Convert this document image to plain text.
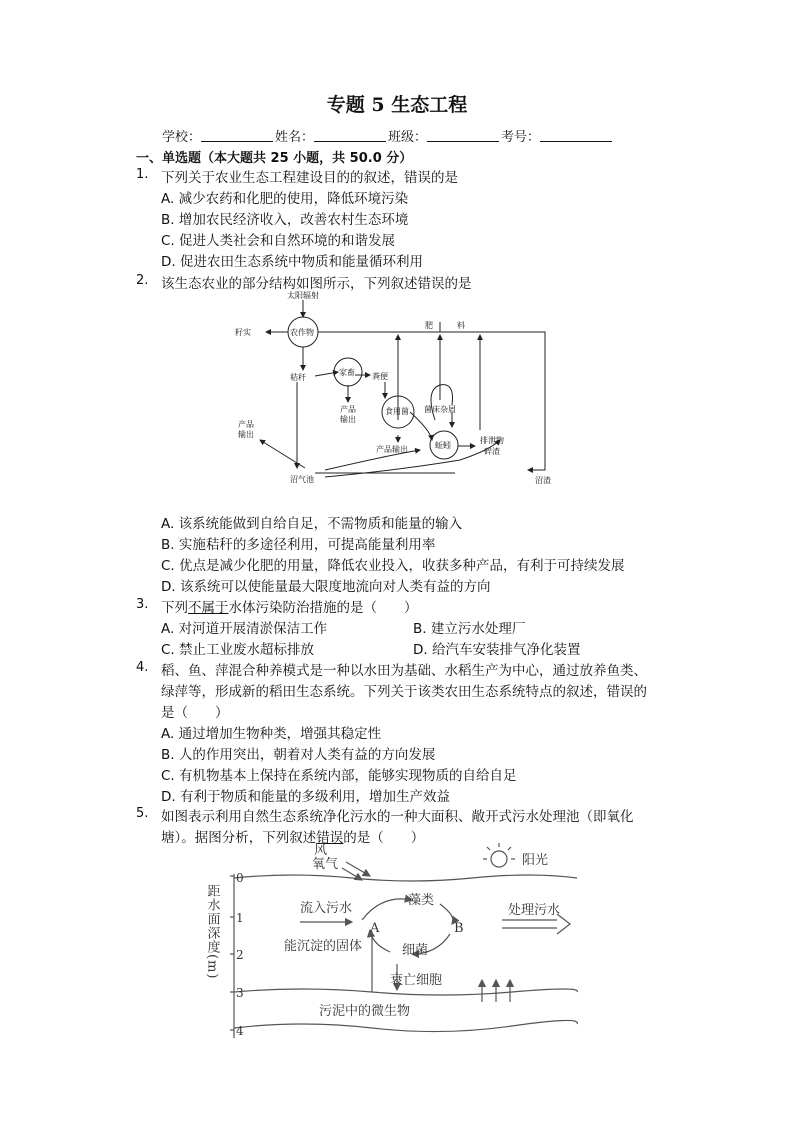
专题 5 生态工程
学校：	姓名：	班级：	考号：
一、单选题（本大题共 25 小题，共 50.0 分）
1. 下列关于农业生态工程建设目的的叙述，错误的是
A. 减少农药和化肥的使用，降低环境污染
B. 增加农民经济收入，改善农村生态环境
C. 促进人类社会和自然环境的和谐发展
D. 促进农田生态系统中物质和能量循环利用
2. 该生态农业的部分结构如图所示，下列叙述错误的是
太阳辐射
籽实	农作物
肥	料
秸秆
家畜 粪便
产品
输出
食用菌 菌床杂屑
产品输出
产品
输出
蚯蚓
排泄物
碎渣
沼气池	沼渣
A. 该系统能做到自给自足，不需物质和能量的输入
B. 实施秸秆的多途径利用，可提高能量利用率
C. 优点是减少化肥的用量，降低农业投入，收获多种产品，有利于可持续发展
D. 该系统可以使能量最大限度地流向对人类有益的方向
3. 下列不属于水体污染防治措施的是（　　）
A. 对河道开展清淤保洁工作	B. 建立污水处理厂
C. 禁止工业废水超标排放	D. 给汽车安装排气净化装置
4. 稻、鱼、萍混合种养模式是一种以水田为基础、水稻生产为中心，通过放养鱼类、
绿萍等，形成新的稻田生态系统。下列关于该类农田生态系统特点的叙述，错误的
是（　　）
A. 通过增加生物种类，增强其稳定性
B. 人的作用突出，朝着对人类有益的方向发展
C. 有机物基本上保持在系统内部，能够实现物质的自给自足
D. 有利于物质和能量的多级利用，增加生产效益
5. 如图表示利用自然生态系统净化污水的一种大面积、敞开式污水处理池（即氧化
塘）。据图分析，下列叙述错误的是（　　）
风
氧气	阳光
0
1
2
3
4
距水面深度(m)	流入污水
藻类
处理污水
A	B
能沉淀的固体	细菌
衰亡细胞
污泥中的微生物
